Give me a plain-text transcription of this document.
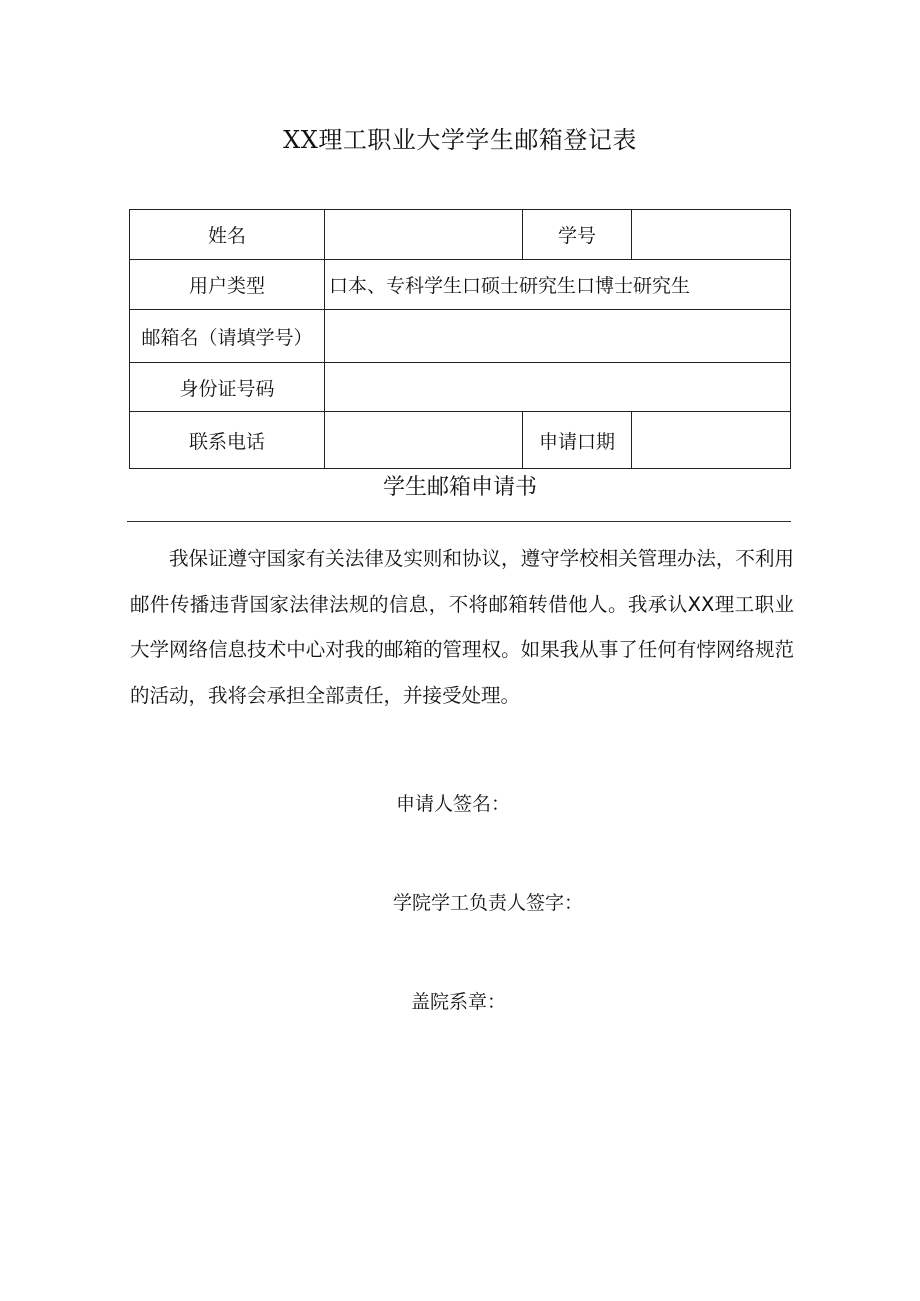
XX理工职业大学学生邮箱登记表
姓名		学号	
用户类型	口本、专科学生口硕士研究生口博士研究生		
邮箱名（请填学号）			
身份证号码			
联系电话		申请口期	
学生邮箱申请书

我保证遵守国家有关法律及实则和协议，遵守学校相关管理办法，不利用邮件传播违背国家法律法规的信息，不将邮箱转借他人。我承认XX理工职业大学网络信息技术中心对我的邮箱的管理权。如果我从事了任何有悖网络规范的活动，我将会承担全部责任，并接受处理。

申请人签名：
学院学工负责人签字：
盖院系章：
